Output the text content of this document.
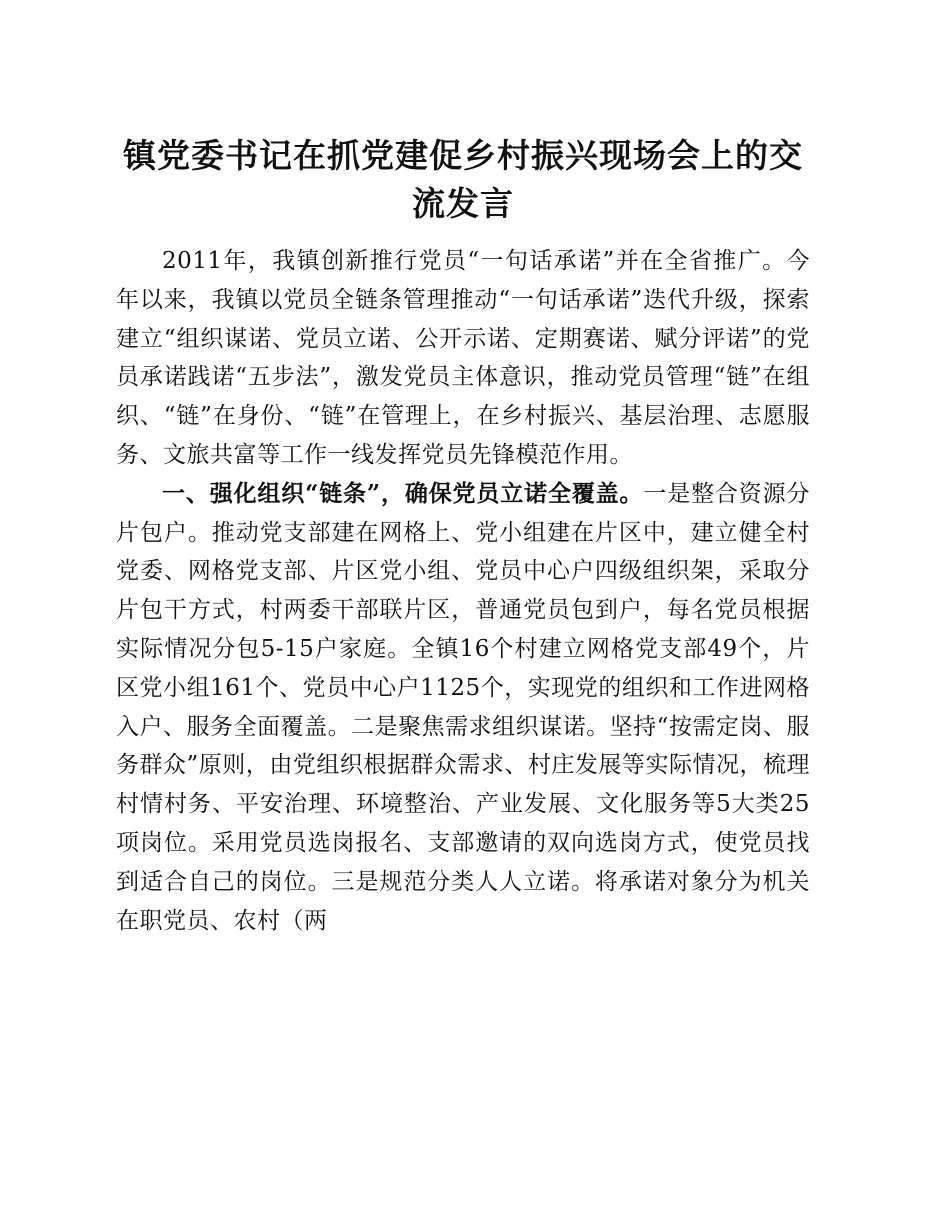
镇党委书记在抓党建促乡村振兴现场会上的交
流发言

2011年，我镇创新推行党员“一句话承诺”并在全省推广。今年以来，我镇以党员全链条管理推动“一句话承诺”迭代升级，探索建立“组织谋诺、党员立诺、公开示诺、定期赛诺、赋分评诺”的党员承诺践诺“五步法”，激发党员主体意识，推动党员管理“链”在组织、“链”在身份、“链”在管理上，在乡村振兴、基层治理、志愿服务、文旅共富等工作一线发挥党员先锋模范作用。

一、强化组织“链条”，确保党员立诺全覆盖。一是整合资源分片包户。推动党支部建在网格上、党小组建在片区中，建立健全村党委、网格党支部、片区党小组、党员中心户四级组织架，采取分片包干方式，村两委干部联片区，普通党员包到户，每名党员根据实际情况分包5-15户家庭。全镇16个村建立网格党支部49个，片区党小组161个、党员中心户1125个，实现党的组织和工作进网格入户、服务全面覆盖。二是聚焦需求组织谋诺。坚持“按需定岗、服务群众”原则，由党组织根据群众需求、村庄发展等实际情况，梳理村情村务、平安治理、环境整治、产业发展、文化服务等5大类25项岗位。采用党员选岗报名、支部邀请的双向选岗方式，使党员找到适合自己的岗位。三是规范分类人人立诺。将承诺对象分为机关在职党员、农村（两
